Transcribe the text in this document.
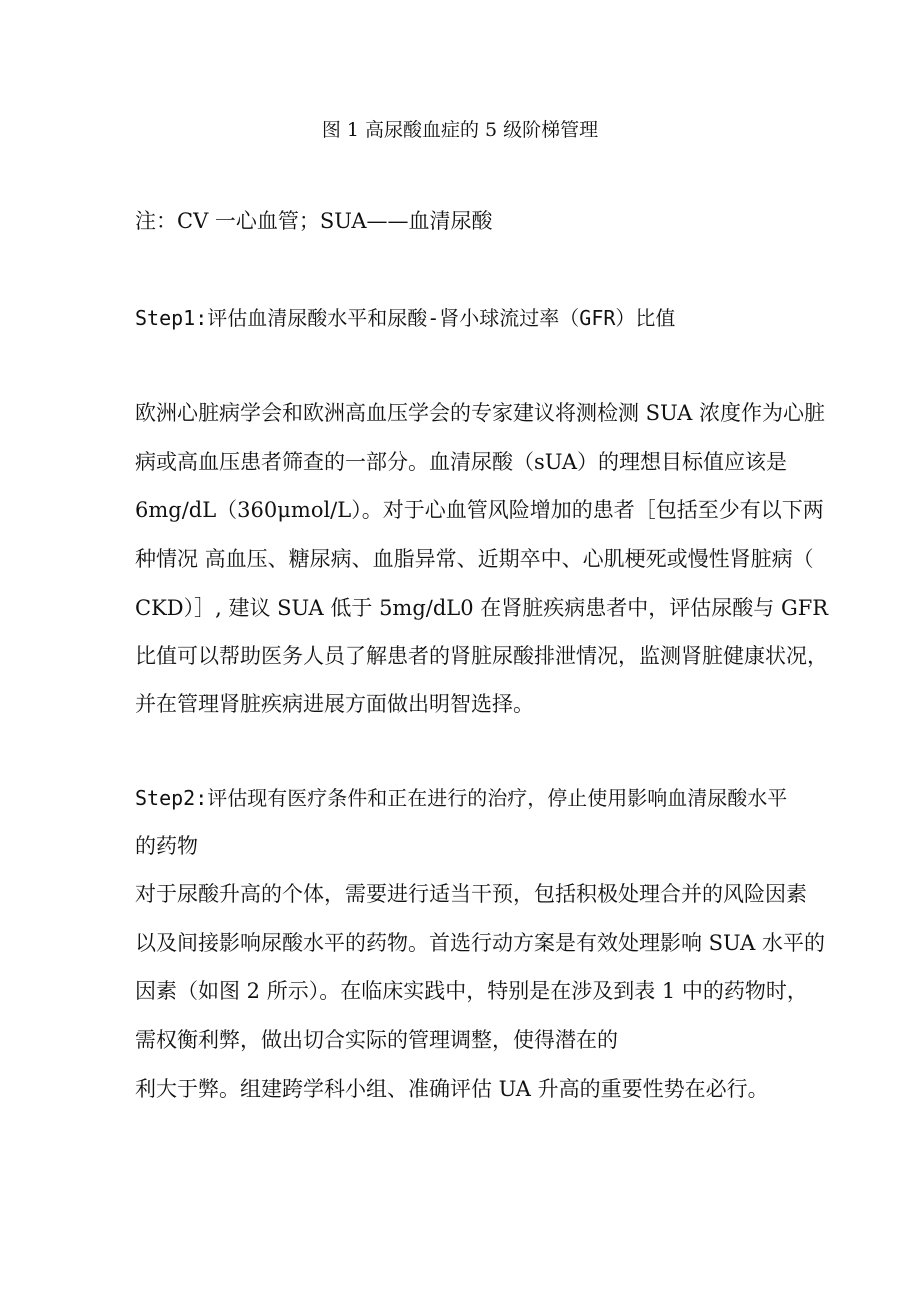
图 1 高尿酸血症的 5 级阶梯管理
注：CV 一心血管；SUA——血清尿酸
Step1:评估血清尿酸水平和尿酸-肾小球流过率（GFR）比值
欧洲心脏病学会和欧洲高血压学会的专家建议将测检测 SUA 浓度作为心脏
病或高血压患者筛查的一部分。血清尿酸（sUA）的理想目标值应该是
6mg∕dL（360μmol∕L）。对于心血管风险增加的患者［包括至少有以下两
种情况 高血压、糖尿病、血脂异常、近期卒中、心肌梗死或慢性肾脏病（
CKD）］, 建议 SUA 低于 5mg∕dL0 在肾脏疾病患者中，评估尿酸与 GFR
比值可以帮助医务人员了解患者的肾脏尿酸排泄情况，监测肾脏健康状况，
并在管理肾脏疾病进展方面做出明智选择。
Step2:评估现有医疗条件和正在进行的治疗，停止使用影响血清尿酸水平
的药物
对于尿酸升高的个体，需要进行适当干预，包括积极处理合并的风险因素
以及间接影响尿酸水平的药物。首选行动方案是有效处理影响 SUA 水平的
因素（如图 2 所示）。在临床实践中，特别是在涉及到表 1 中的药物时，
需权衡利弊，做出切合实际的管理调整，使得潜在的
利大于弊。组建跨学科小组、准确评估 UA 升高的重要性势在必行。
